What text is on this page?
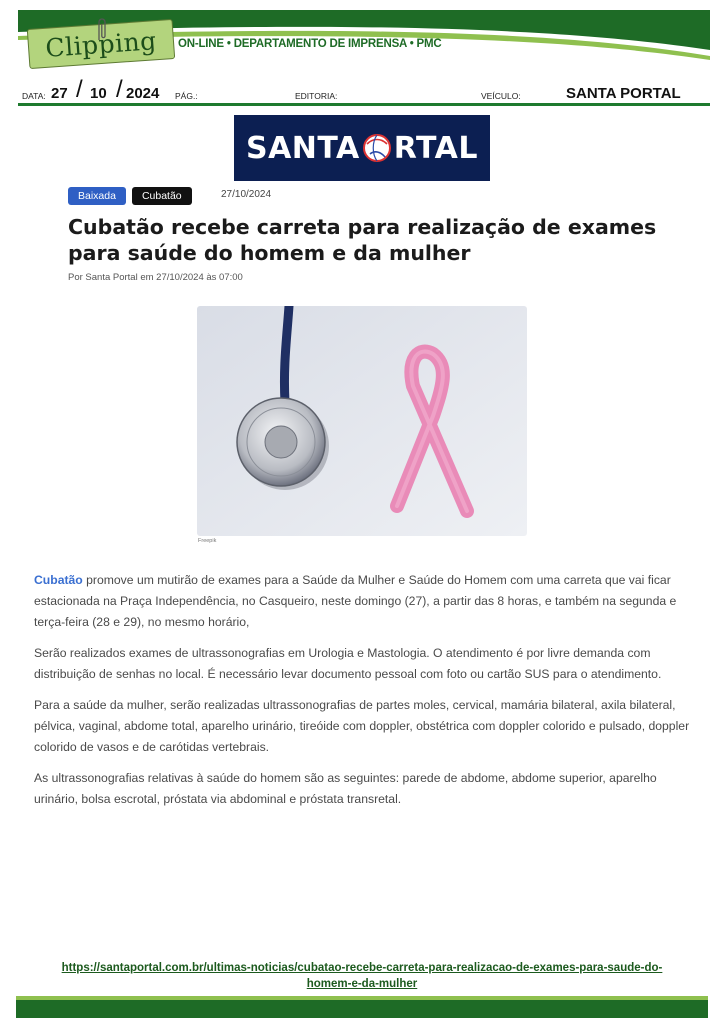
Clipping	ON-LINE • DEPARTAMENTO DE IMPRENSA • PMC
DATA: 27 / 10 / 2024 PÁG.:	EDITORIA:	VEÍCULO:	SANTA PORTAL
SANTA RTAL
Baixada	Cubatão	27/10/2024
Cubatão recebe carreta para realização de exames para saúde do homem e da mulher
Por Santa Portal em 27/10/2024 às 07:00
Freepik

Cubatão promove um mutirão de exames para a Saúde da Mulher e Saúde do Homem com uma carreta que vai ficar estacionada na Praça Independência, no Casqueiro, neste domingo (27), a partir das 8 horas, e também na segunda e terça-feira (28 e 29), no mesmo horário,

Serão realizados exames de ultrassonografias em Urologia e Mastologia. O atendimento é por livre demanda com distribuição de senhas no local. É necessário levar documento pessoal com foto ou cartão SUS para o atendimento.

Para a saúde da mulher, serão realizadas ultrassonografias de partes moles, cervical, mamária bilateral, axila bilateral, pélvica, vaginal, abdome total, aparelho urinário, tireóide com doppler, obstétrica com doppler colorido e pulsado, doppler colorido de vasos e de carótidas vertebrais.

As ultrassonografias relativas à saúde do homem são as seguintes: parede de abdome, abdome superior, aparelho urinário, bolsa escrotal, próstata via abdominal e próstata transretal.

https://santaportal.com.br/ultimas-noticias/cubatao-recebe-carreta-para-realizacao-de-exames-para-saude-do-homem-e-da-mulher
